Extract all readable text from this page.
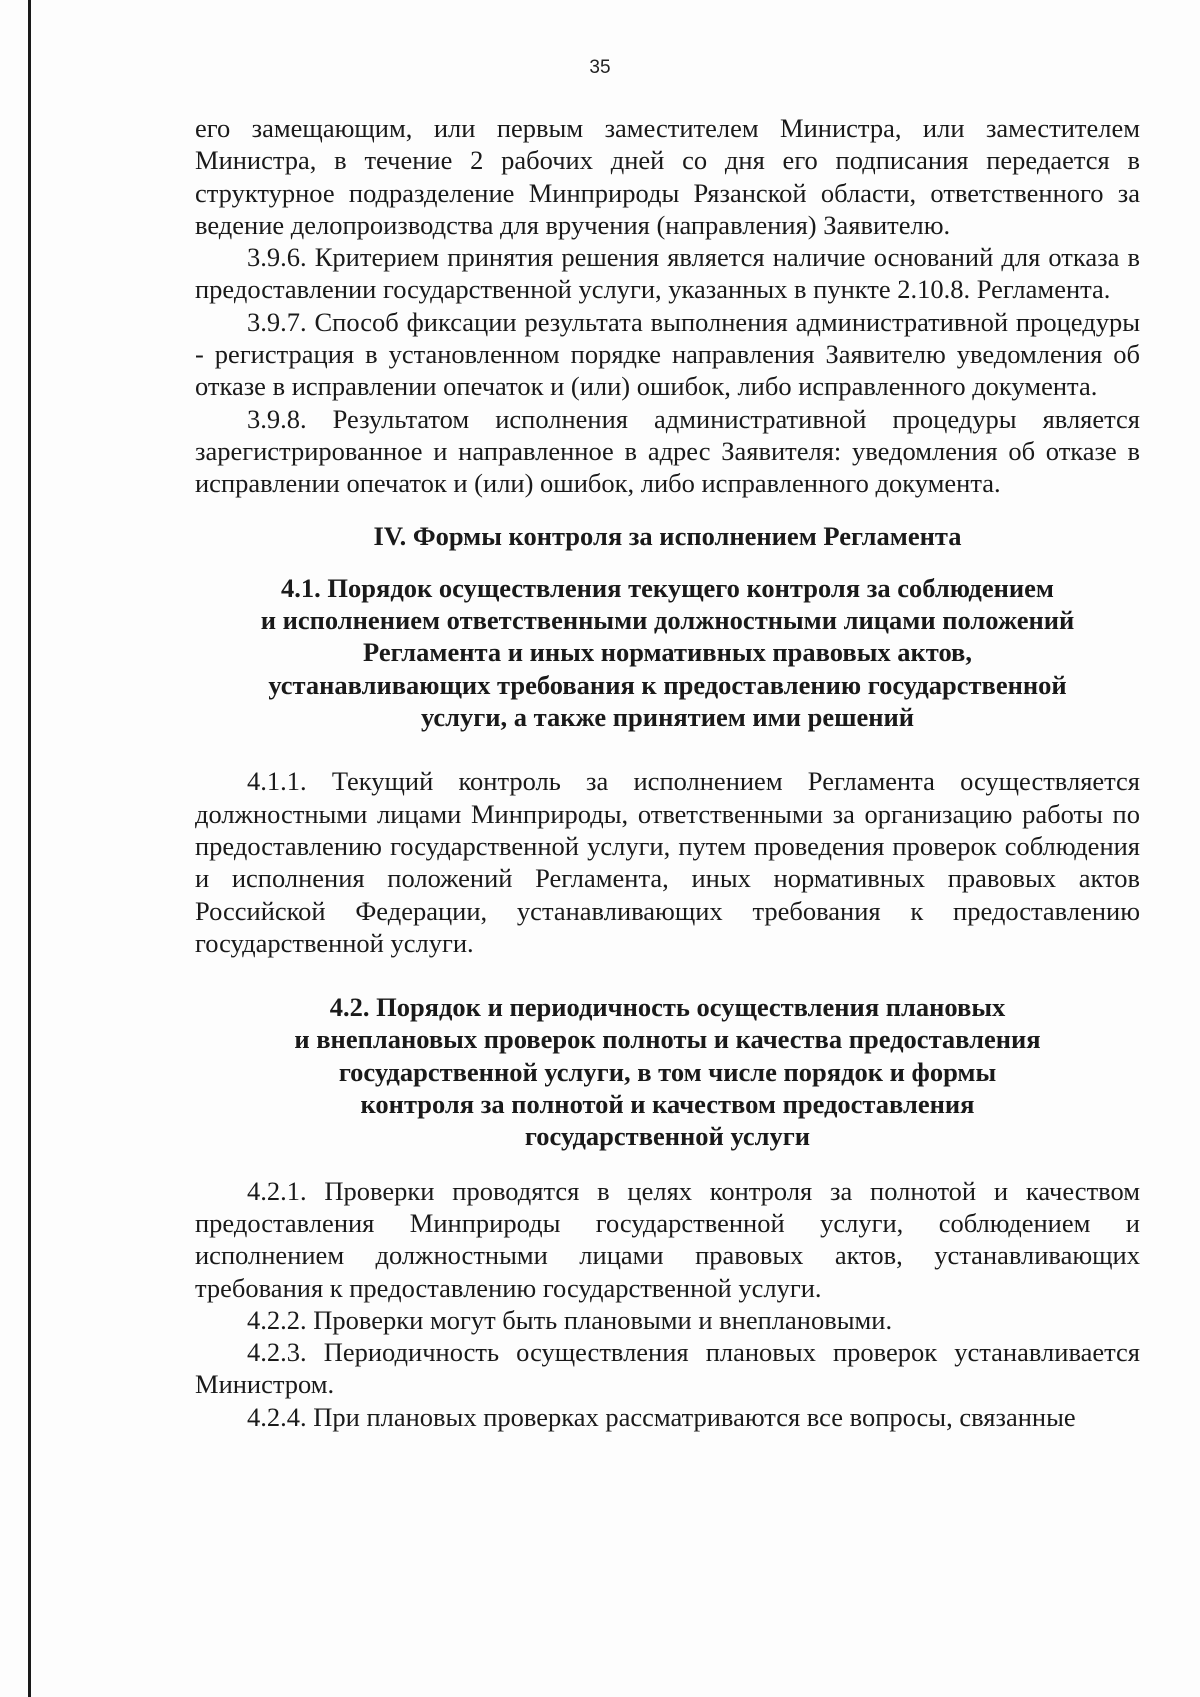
35

его замещающим, или первым заместителем Министра, или заместителем Министра, в течение 2 рабочих дней со дня его подписания передается в структурное подразделение Минприроды Рязанской области, ответственного за ведение делопроизводства для вручения (направления) Заявителю.

3.9.6. Критерием принятия решения является наличие оснований для отказа в предоставлении государственной услуги, указанных в пункте 2.10.8. Регламента.

3.9.7. Способ фиксации результата выполнения административной процедуры - регистрация в установленном порядке направления Заявителю уведомления об отказе в исправлении опечаток и (или) ошибок, либо исправленного документа.

3.9.8. Результатом исполнения административной процедуры является зарегистрированное и направленное в адрес Заявителя: уведомления об отказе в исправлении опечаток и (или) ошибок, либо исправленного документа.

IV. Формы контроля за исполнением Регламента
4.1. Порядок осуществления текущего контроля за соблюдением
и исполнением ответственными должностными лицами положений
Регламента и иных нормативных правовых актов,
устанавливающих требования к предоставлению государственной
услуги, а также принятием ими решений

4.1.1. Текущий контроль за исполнением Регламента осуществляется должностными лицами Минприроды, ответственными за организацию работы по предоставлению государственной услуги, путем проведения проверок соблюдения и исполнения положений Регламента, иных нормативных правовых актов Российской Федерации, устанавливающих требования к предоставлению государственной услуги.

4.2. Порядок и периодичность осуществления плановых
и внеплановых проверок полноты и качества предоставления
государственной услуги, в том числе порядок и формы
контроля за полнотой и качеством предоставления
государственной услуги

4.2.1. Проверки проводятся в целях контроля за полнотой и качеством предоставления Минприроды государственной услуги, соблюдением и исполнением должностными лицами правовых актов, устанавливающих требования к предоставлению государственной услуги.

4.2.2. Проверки могут быть плановыми и внеплановыми.

4.2.3. Периодичность осуществления плановых проверок устанавливается Министром.

4.2.4. При плановых проверках рассматриваются все вопросы, связанные
